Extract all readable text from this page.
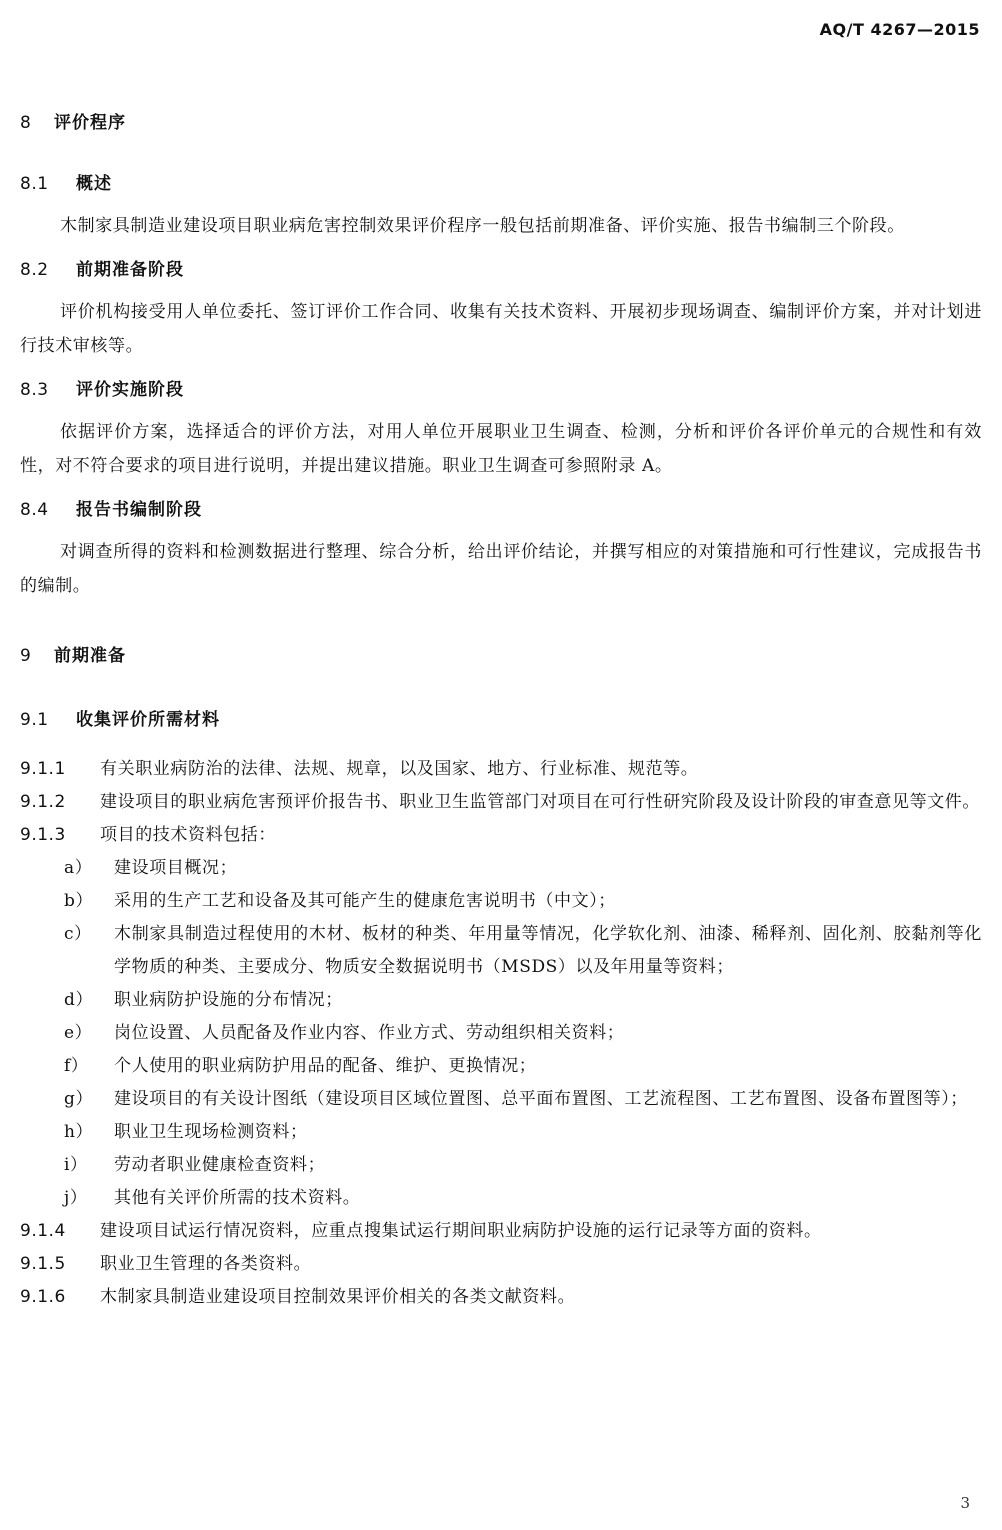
AQ/T 4267—2015
8	评价程序
8.1	概述
木制家具制造业建设项目职业病危害控制效果评价程序一般包括前期准备、评价实施、报告书编制三个阶段。
8.2	前期准备阶段
评价机构接受用人单位委托、签订评价工作合同、收集有关技术资料、开展初步现场调查、编制评价方案，并对计划进行技术审核等。
8.3	评价实施阶段
依据评价方案，选择适合的评价方法，对用人单位开展职业卫生调查、检测，分析和评价各评价单元的合规性和有效性，对不符合要求的项目进行说明，并提出建议措施。职业卫生调查可参照附录 A。
8.4	报告书编制阶段
对调查所得的资料和检测数据进行整理、综合分析，给出评价结论，并撰写相应的对策措施和可行性建议，完成报告书的编制。
9	前期准备
9.1	收集评价所需材料
9.1.1 有关职业病防治的法律、法规、规章，以及国家、地方、行业标准、规范等。
9.1.2 建设项目的职业病危害预评价报告书、职业卫生监管部门对项目在可行性研究阶段及设计阶段的审查意见等文件。
9.1.3 项目的技术资料包括：
a）	建设项目概况；
b）	采用的生产工艺和设备及其可能产生的健康危害说明书（中文）；
c）	木制家具制造过程使用的木材、板材的种类、年用量等情况，化学软化剂、油漆、稀释剂、固化剂、胶黏剂等化学物质的种类、主要成分、物质安全数据说明书（MSDS）以及年用量等资料；
d）	职业病防护设施的分布情况；
e）	岗位设置、人员配备及作业内容、作业方式、劳动组织相关资料；
f）	个人使用的职业病防护用品的配备、维护、更换情况；
g）	建设项目的有关设计图纸（建设项目区域位置图、总平面布置图、工艺流程图、工艺布置图、设备布置图等）；
h）	职业卫生现场检测资料；
i）	劳动者职业健康检查资料；
j）	其他有关评价所需的技术资料。
9.1.4 建设项目试运行情况资料，应重点搜集试运行期间职业病防护设施的运行记录等方面的资料。
9.1.5 职业卫生管理的各类资料。
9.1.6 木制家具制造业建设项目控制效果评价相关的各类文献资料。
3
